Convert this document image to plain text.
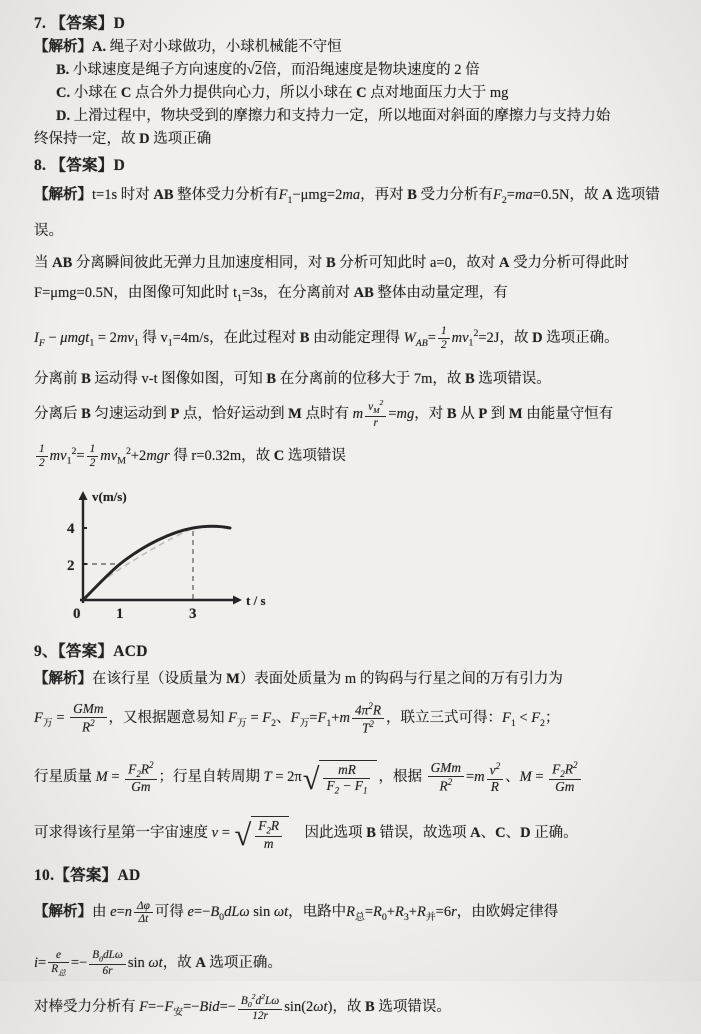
7. 【答案】D
【解析】A. 绳子对小球做功，小球机械能不守恒
B. 小球速度是绳子方向速度的√2倍，而沿绳速度是物块速度的 2 倍
C. 小球在 C 点合外力提供向心力，所以小球在 C 点对地面压力大于 mg
D. 上滑过程中，物块受到的摩擦力和支持力一定，所以地面对斜面的摩擦力与支持力始
终保持一定，故 D 选项正确
8. 【答案】D
【解析】t=1s 时对 AB 整体受力分析有$F_1-\mu mg=2ma$，再对 B 受力分析有$F_2=ma=0.5N$，故 A 选项错误。
当 AB 分离瞬间彼此无弹力且加速度相同，对 B 分析可知此时 a=0，故对 A 受力分析可得此时 F=μmg=0.5N，由图像可知此时 $t_1=3s$，在分离前对 AB 整体由动量定理，有
$I_F - \mu mgt_1 = 2mv_1$ 得 $v_1=4m/s$，在此过程对 B 由动能定理得 $W_{AB}= \frac{1}{2} mv_1^2=2J$，故 D 选项正确。
分离前 B 运动得 v-t 图像如图，可知 B 在分离前的位移大于 7m，故 B 选项错误。
分离后 B 匀速运动到 P 点，恰好运动到 M 点时有 m $\frac{v_M^2}{r} =mg$，对 B 从 P 到 M 由能量守恒有
$\frac{1}{2} mv_1^2= \frac{1}{2} mv_M^2+2mgr$ 得 r=0.32m，故 C 选项错误
v(m/s)
t / s
4
2
0 1	3
9、【答案】ACD
【解析】在该行星（设质量为 M）表面处质量为 m 的钩码与行星之间的万有引力为
$F_万 = \frac{\text{GMm}}{R^2}$ ，又根据题意易知 $F_万 = F_2$、$F_万=F_1+m \frac{4\pi^2R}{T^2}$ ，联立三式可得：$F_1 < F_2$；
行星质量 $M = \frac{F_2R^2}{Gm}$ ；行星自转周期 T = 2π √ $\frac{mR}{F_2 - F_1}$ ，根据 $\frac{\text{GMm}}{R^2} =m \frac{v^2}{R}$ 、$M = \frac{F_2R^2}{Gm}$
可求得该行星第一宇宙速度 v = √ $\frac{F_2R}{m}$ 　因此选项 B 错误，故选项 A、C、D 正确。
10.【答案】AD
【解析】由 $e=n \frac{\Delta\varphi}{\Delta t}$ 可得 $e=-B_0dL\omega$ sin ωt，电路中$R_总=R_0+R_3+R_并=6r$，由欧姆定律得
$i= \frac{e}{R_总} =- \frac{B_0dL\omega}{6r}$ sin ωt，故 A 选项正确。
对棒受力分析有 $F=-F_安=-Bid=- \frac{B_0^2d^2L\omega}{12r} \sin(2\omega t)$，故 B 选项错误。
